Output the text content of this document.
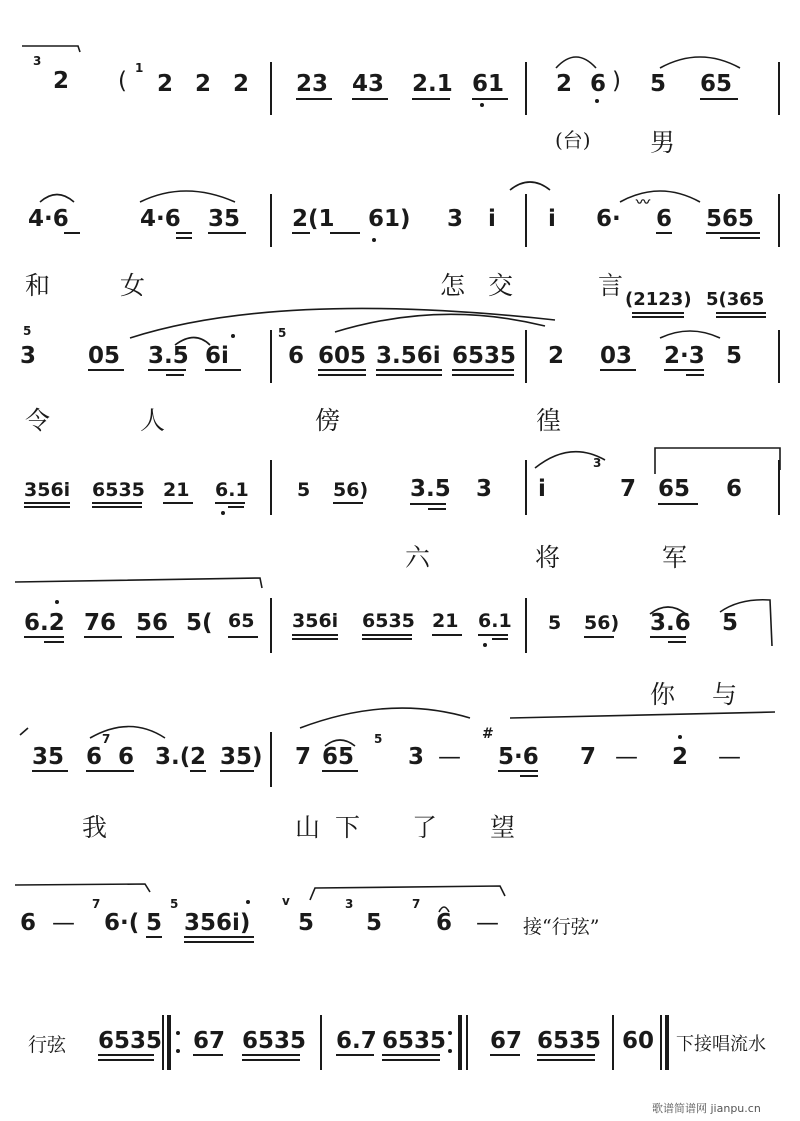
3
2 ( 1
2 2 2 23 43 2.1 61 2 6 ) 5 65
(台) 男
4·6	4·6 35 2(1 61) 3 i i 6·
〰
6 565
和	女	怎 交	言 (2123) 5(365
5
3 05 3.5 6i
5
6 605 3.56i 6535 2 03 2·3 5
令	人	傍	徨
356i 6535 21 6.1	5 56) 3.5 3 i
3
7 65 6
六	将	军
6.2 76 56 5( 65 356i 6535 21 6.1 5 56) 3.6 5
你 与
35 6
7
6 3.( 2 35) 7 65
5
3 —
#
5·6 7 — 2 —
我	山 下 了 望
6 —
7
6·( 5
5
356i)
v
5
3
5
7
6 — 接“行弦”
行弦 6535 67 6535 6.7 6535 67 6535 60 下接唱流水
歌谱简谱网 jianpu.cn
